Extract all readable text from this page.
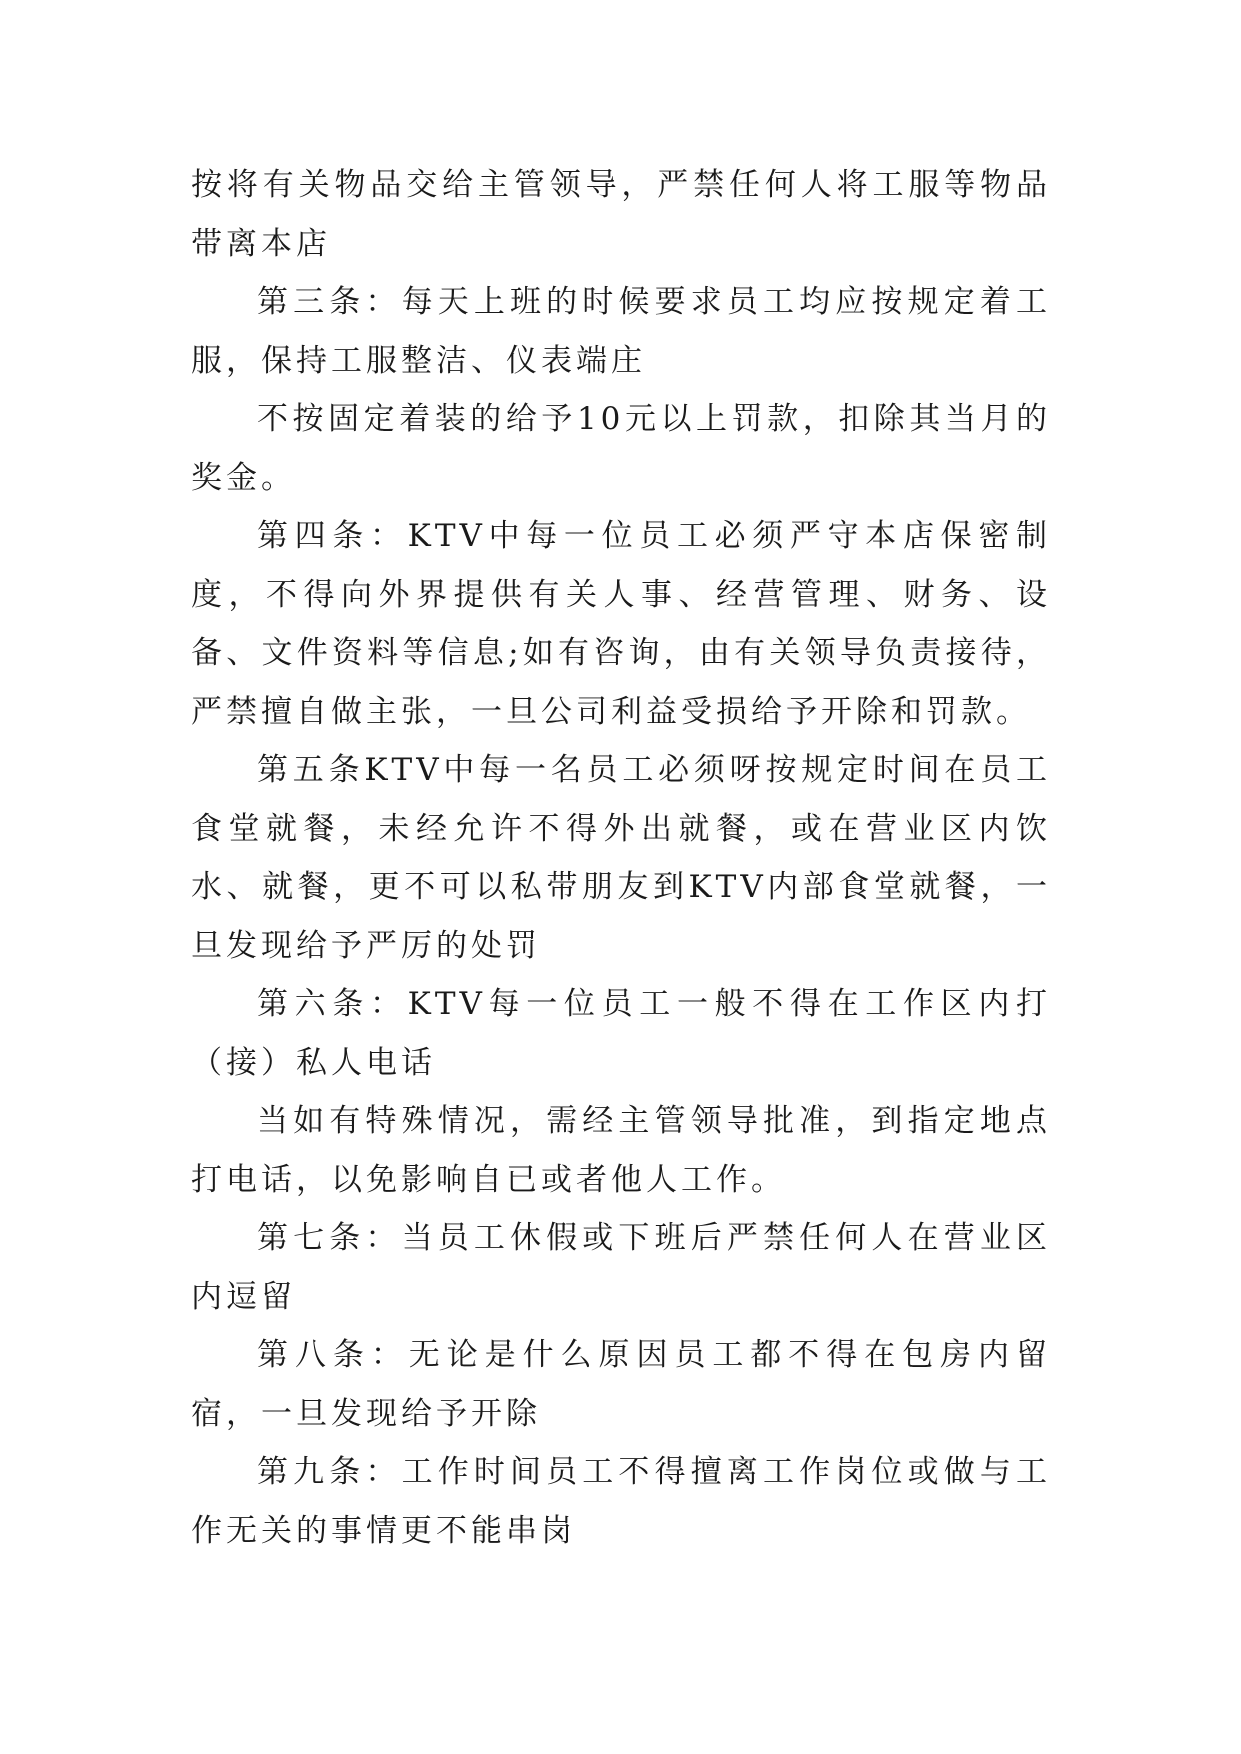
按将有关物品交给主管领导，严禁任何人将工服等物品带离本店

第三条：每天上班的时候要求员工均应按规定着工服，保持工服整洁、仪表端庄

不按固定着装的给予10元以上罚款，扣除其当月的奖金。

第四条：KTV中每一位员工必须严守本店保密制度，不得向外界提供有关人事、经营管理、财务、设备、文件资料等信息;如有咨询，由有关领导负责接待，严禁擅自做主张，一旦公司利益受损给予开除和罚款。

第五条KTV中每一名员工必须呀按规定时间在员工食堂就餐，未经允许不得外出就餐，或在营业区内饮水、就餐，更不可以私带朋友到KTV内部食堂就餐，一旦发现给予严厉的处罚

第六条：KTV每一位员工一般不得在工作区内打（接）私人电话

当如有特殊情况，需经主管领导批准，到指定地点打电话，以免影响自已或者他人工作。

第七条：当员工休假或下班后严禁任何人在营业区内逗留

第八条：无论是什么原因员工都不得在包房内留宿，一旦发现给予开除

第九条：工作时间员工不得擅离工作岗位或做与工作无关的事情更不能串岗
